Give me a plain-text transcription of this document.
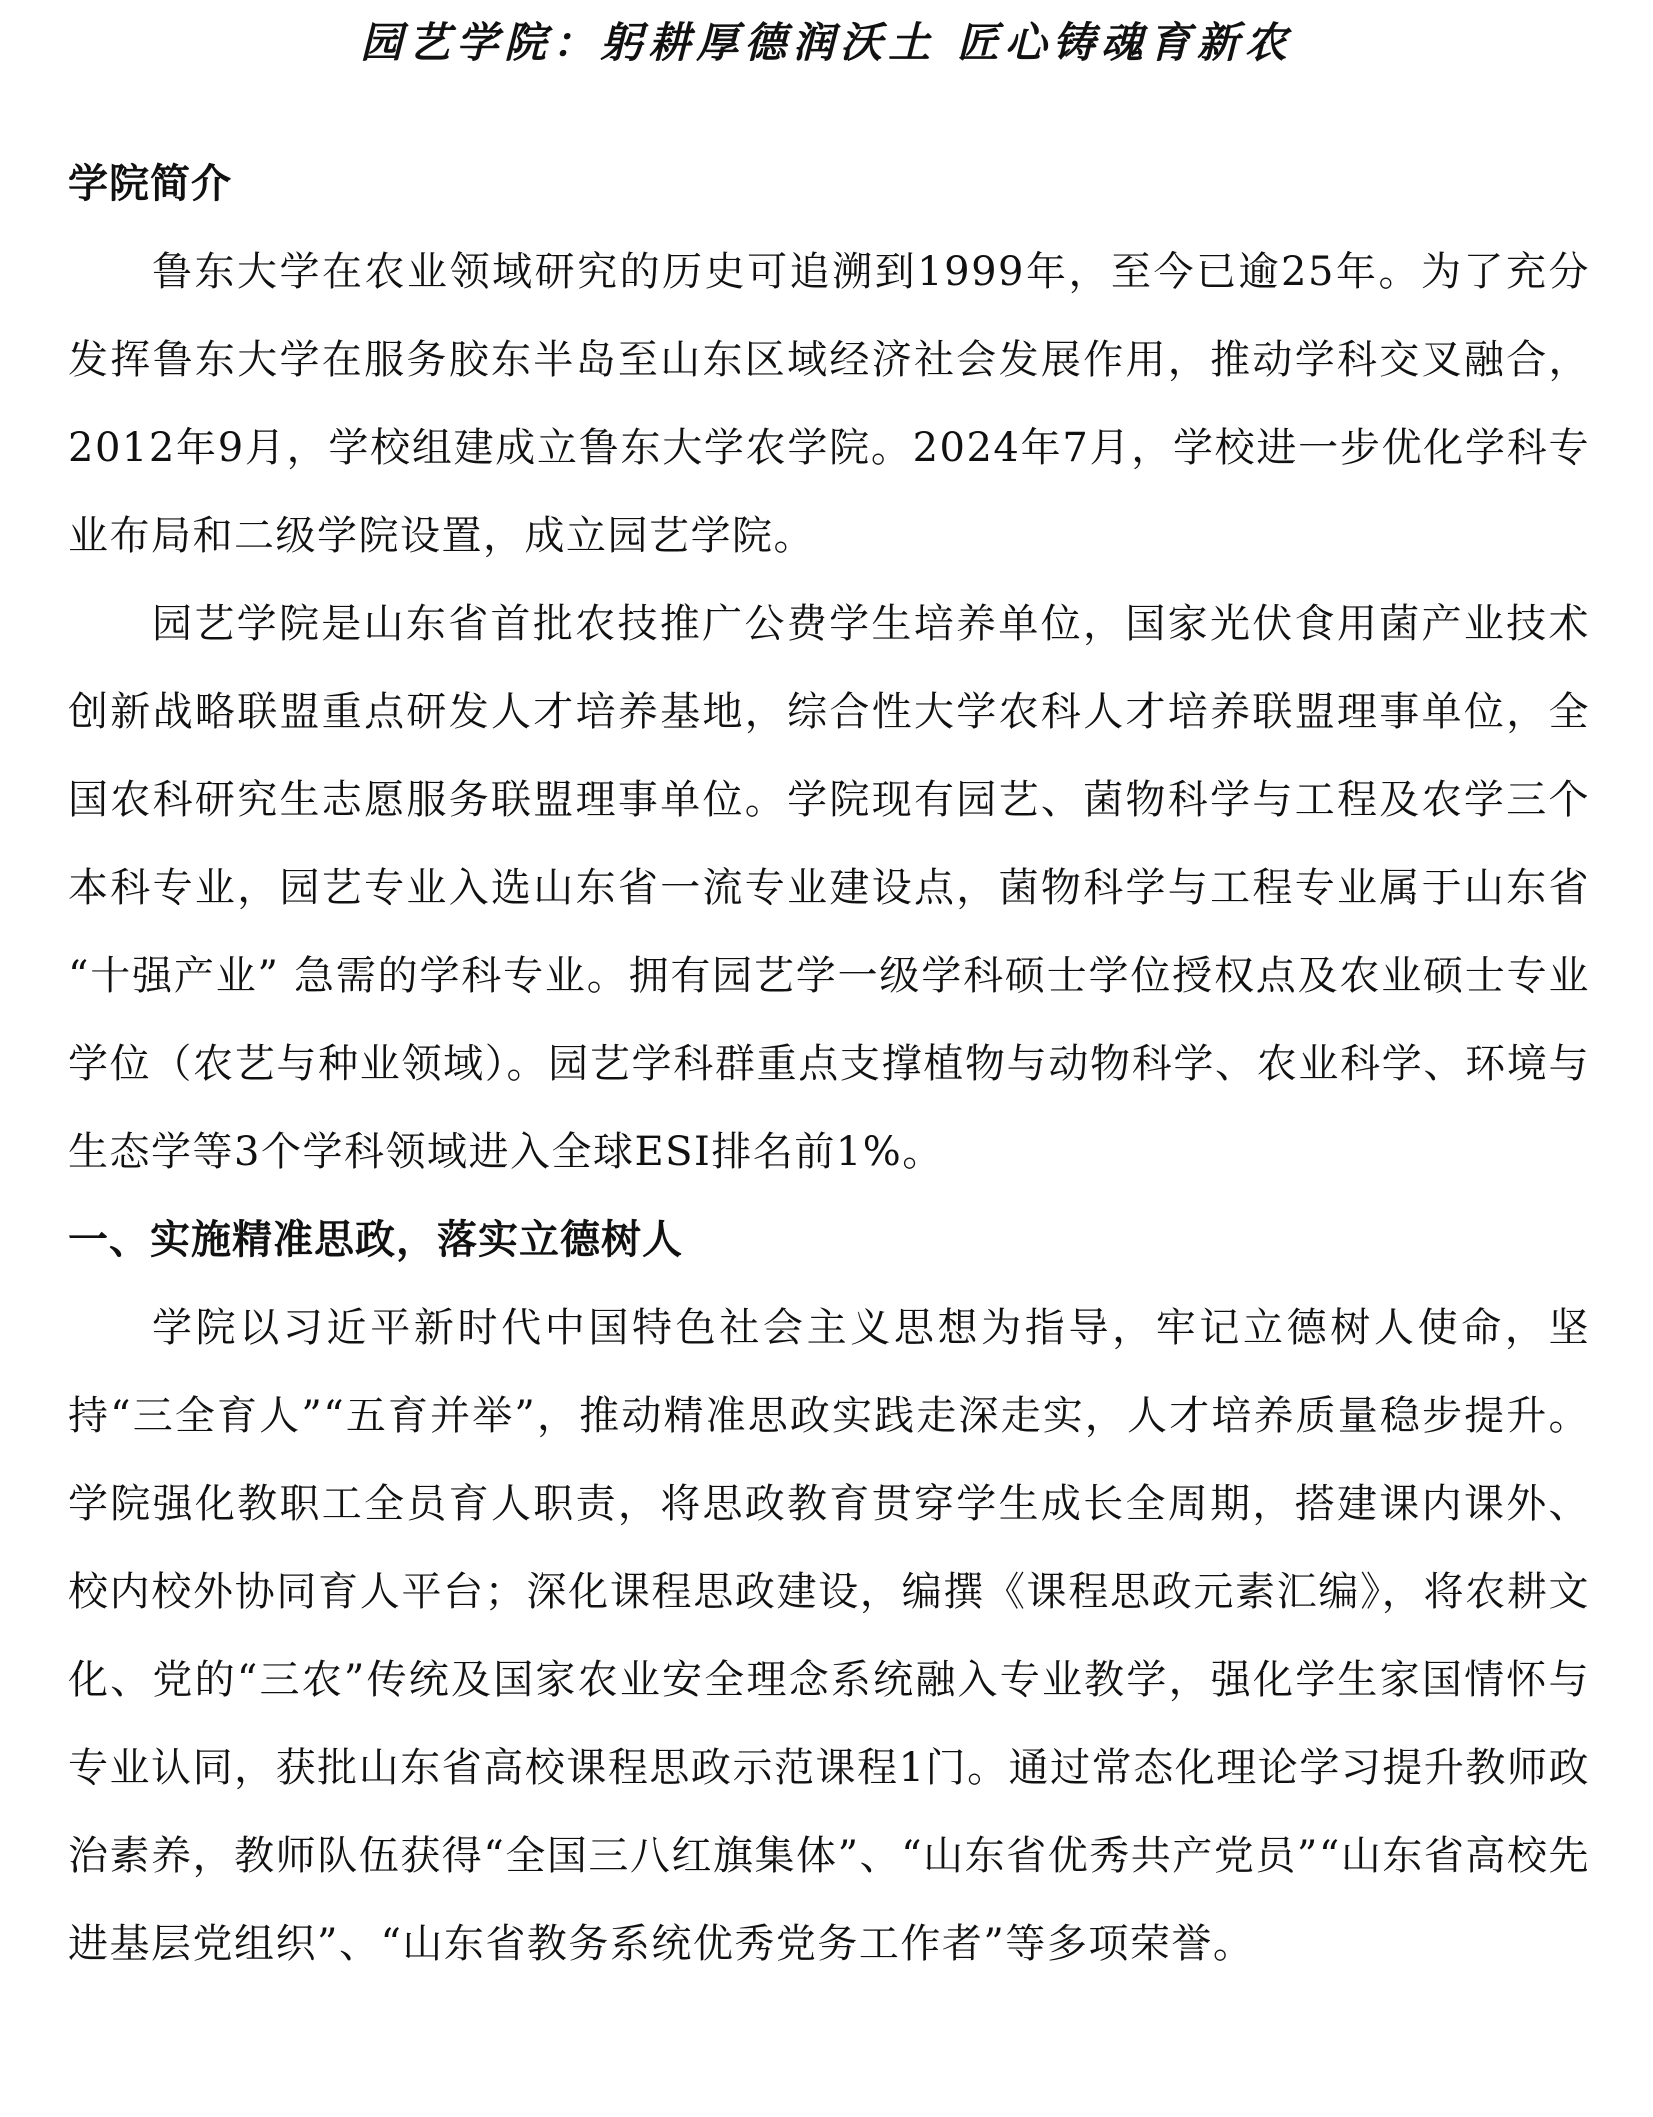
园艺学院：躬耕厚德润沃土 匠心铸魂育新农
学院简介

鲁东大学在农业领域研究的历史可追溯到1999年，至今已逾25年。为了充分发挥鲁东大学在服务胶东半岛至山东区域经济社会发展作用，推动学科交叉融合，2012年9月，学校组建成立鲁东大学农学院。2024年7月，学校进一步优化学科专业布局和二级学院设置，成立园艺学院。

园艺学院是山东省首批农技推广公费学生培养单位，国家光伏食用菌产业技术创新战略联盟重点研发人才培养基地，综合性大学农科人才培养联盟理事单位，全国农科研究生志愿服务联盟理事单位。学院现有园艺、菌物科学与工程及农学三个本科专业，园艺专业入选山东省一流专业建设点，菌物科学与工程专业属于山东省 “十强产业” 急需的学科专业。拥有园艺学一级学科硕士学位授权点及农业硕士专业学位（农艺与种业领域）。园艺学科群重点支撑植物与动物科学、农业科学、环境与生态学等3个学科领域进入全球ESI排名前1%。

一、实施精准思政，落实立德树人

学院以习近平新时代中国特色社会主义思想为指导，牢记立德树人使命，坚持“三全育人”“五育并举”，推动精准思政实践走深走实，人才培养质量稳步提升。学院强化教职工全员育人职责，将思政教育贯穿学生成长全周期，搭建课内课外、校内校外协同育人平台；深化课程思政建设，编撰《课程思政元素汇编》，将农耕文化、党的“三农”传统及国家农业安全理念系统融入专业教学，强化学生家国情怀与专业认同，获批山东省高校课程思政示范课程1门。通过常态化理论学习提升教师政治素养，教师队伍获得“全国三八红旗集体”、“山东省优秀共产党员”“山东省高校先进基层党组织”、“山东省教务系统优秀党务工作者”等多项荣誉。
